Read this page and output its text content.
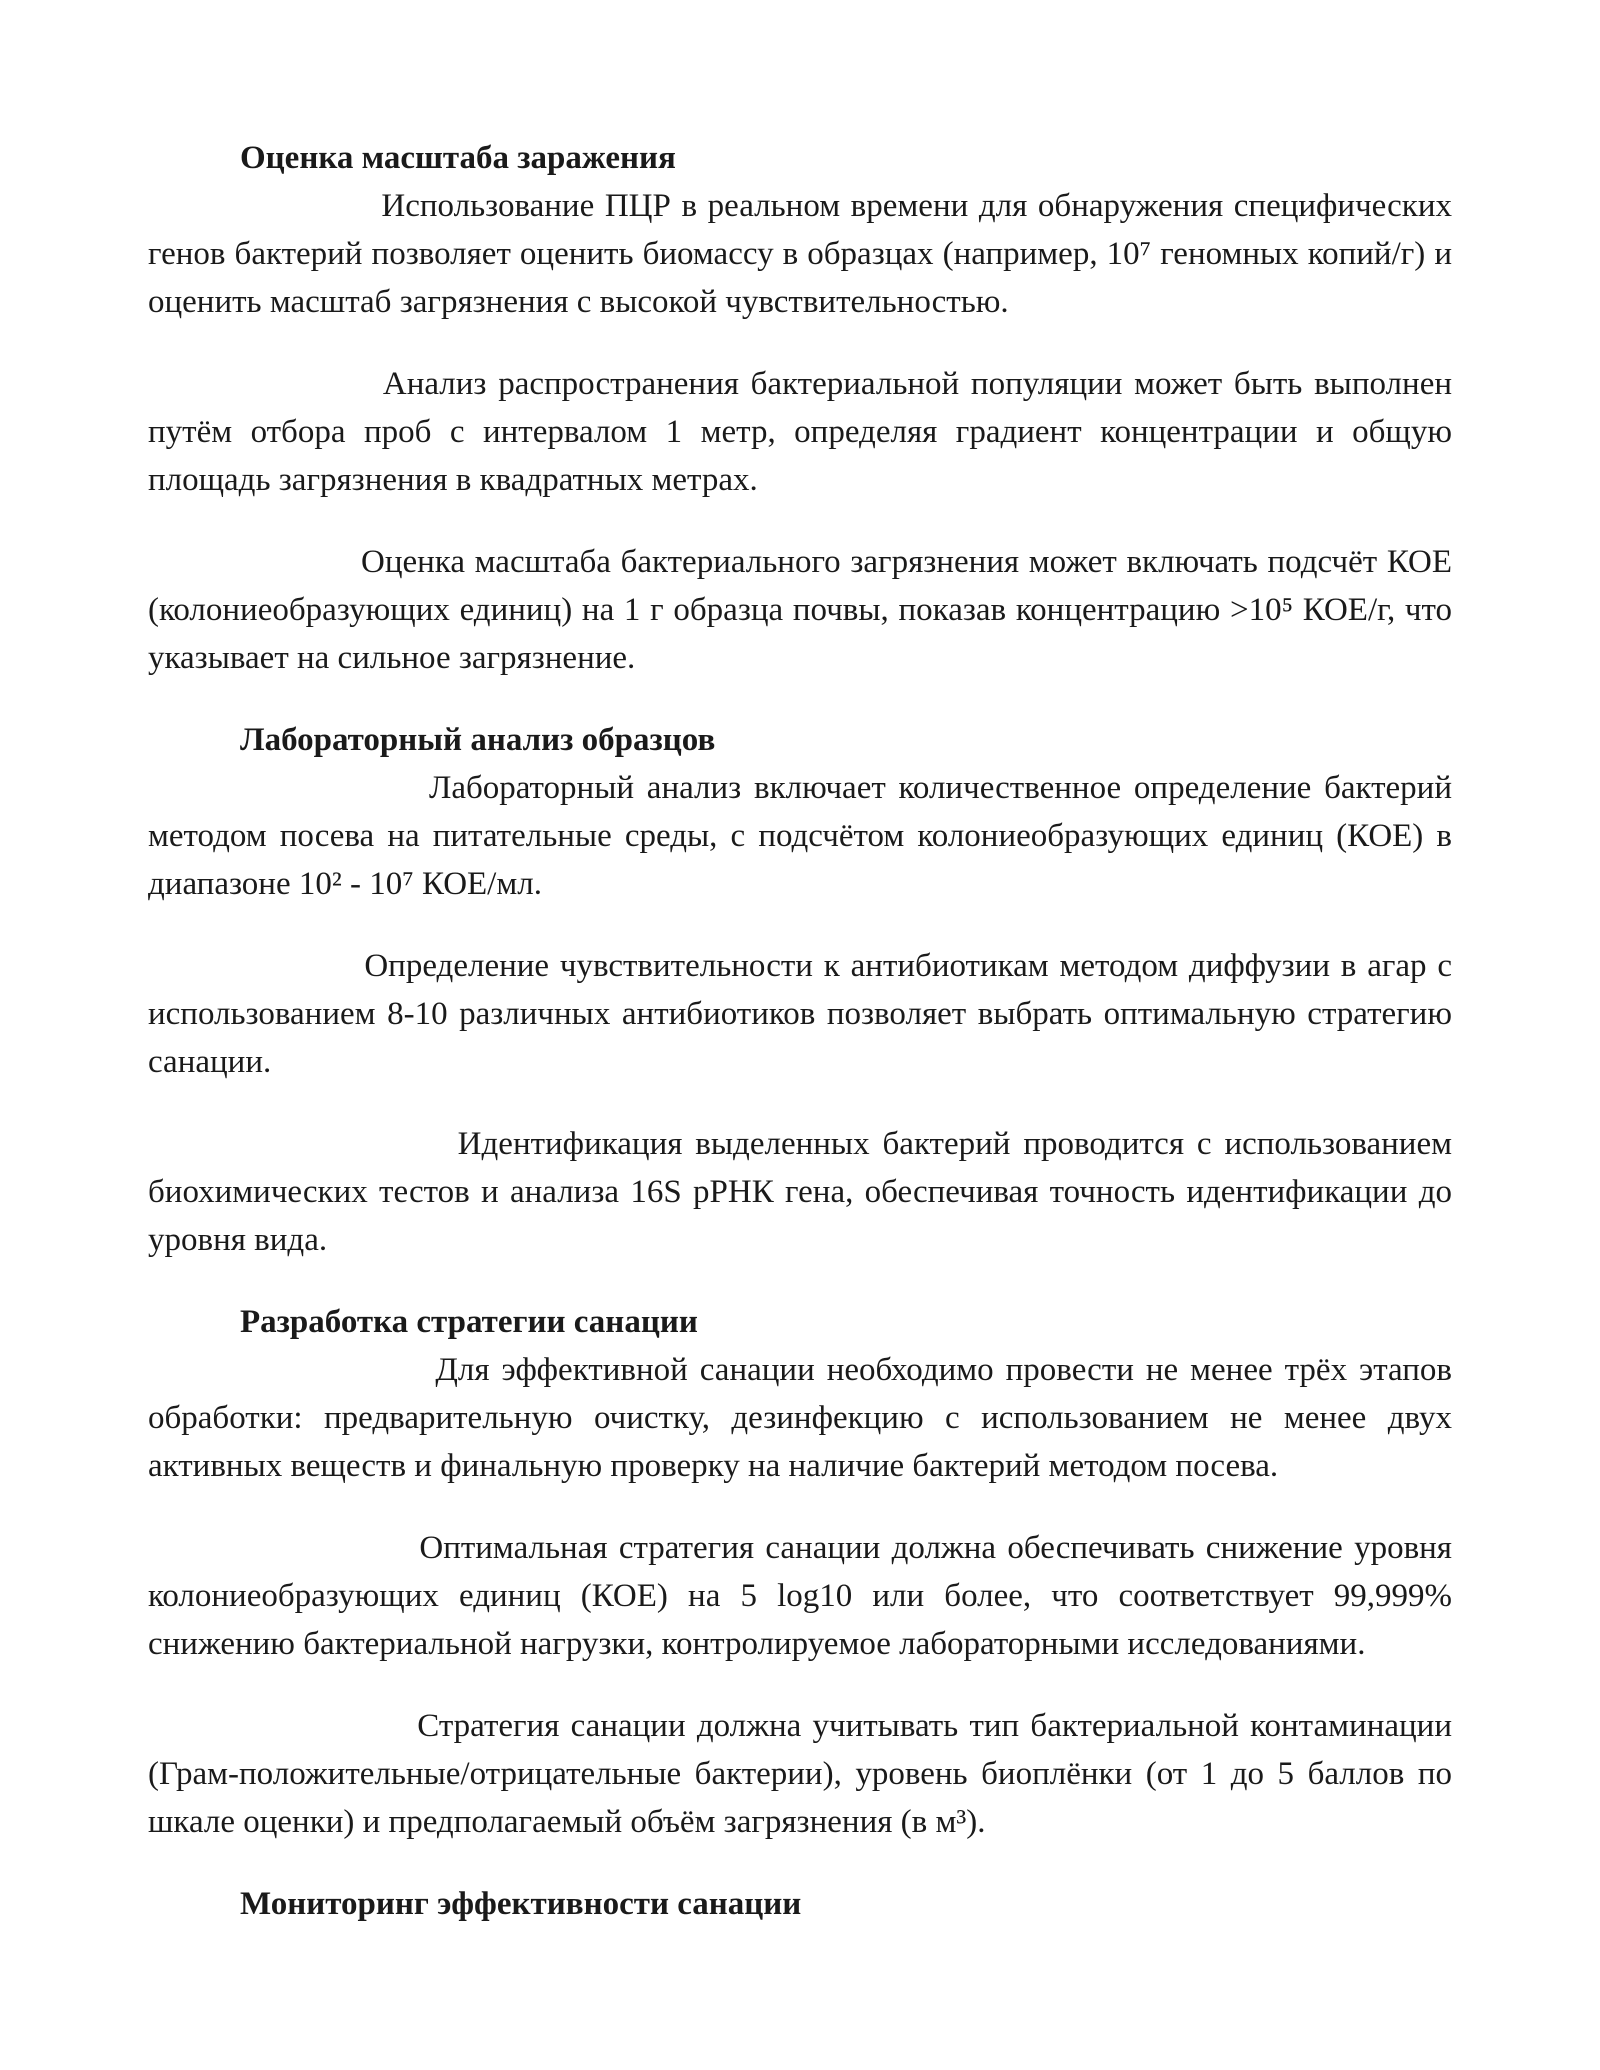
Оценка масштаба заражения

Использование ПЦР в реальном времени для обнаружения специфических генов бактерий позволяет оценить биомассу в образцах (например, 10⁷ геномных копий/г) и оценить масштаб загрязнения с высокой чувствительностью.

Анализ распространения бактериальной популяции может быть выполнен путём отбора проб с интервалом 1 метр, определяя градиент концентрации и общую площадь загрязнения в квадратных метрах.

Оценка масштаба бактериального загрязнения может включать подсчёт КОЕ (колониеобразующих единиц) на 1 г образца почвы, показав концентрацию >10⁵ КОЕ/г, что указывает на сильное загрязнение.

Лабораторный анализ образцов

Лабораторный анализ включает количественное определение бактерий методом посева на питательные среды, с подсчётом колониеобразующих единиц (КОЕ) в диапазоне 10² - 10⁷ КОЕ/мл.

Определение чувствительности к антибиотикам методом диффузии в агар с использованием 8-10 различных антибиотиков позволяет выбрать оптимальную стратегию санации.

Идентификация выделенных бактерий проводится с использованием биохимических тестов и анализа 16S рРНК гена, обеспечивая точность идентификации до уровня вида.

Разработка стратегии санации

Для эффективной санации необходимо провести не менее трёх этапов обработки: предварительную очистку, дезинфекцию с использованием не менее двух активных веществ и финальную проверку на наличие бактерий методом посева.

Оптимальная стратегия санации должна обеспечивать снижение уровня колониеобразующих единиц (КОЕ) на 5 log10 или более, что соответствует 99,999% снижению бактериальной нагрузки, контролируемое лабораторными исследованиями.

Стратегия санации должна учитывать тип бактериальной контаминации (Грам-положительные/отрицательные бактерии), уровень биоплёнки (от 1 до 5 баллов по шкале оценки) и предполагаемый объём загрязнения (в м³).

Мониторинг эффективности санации
